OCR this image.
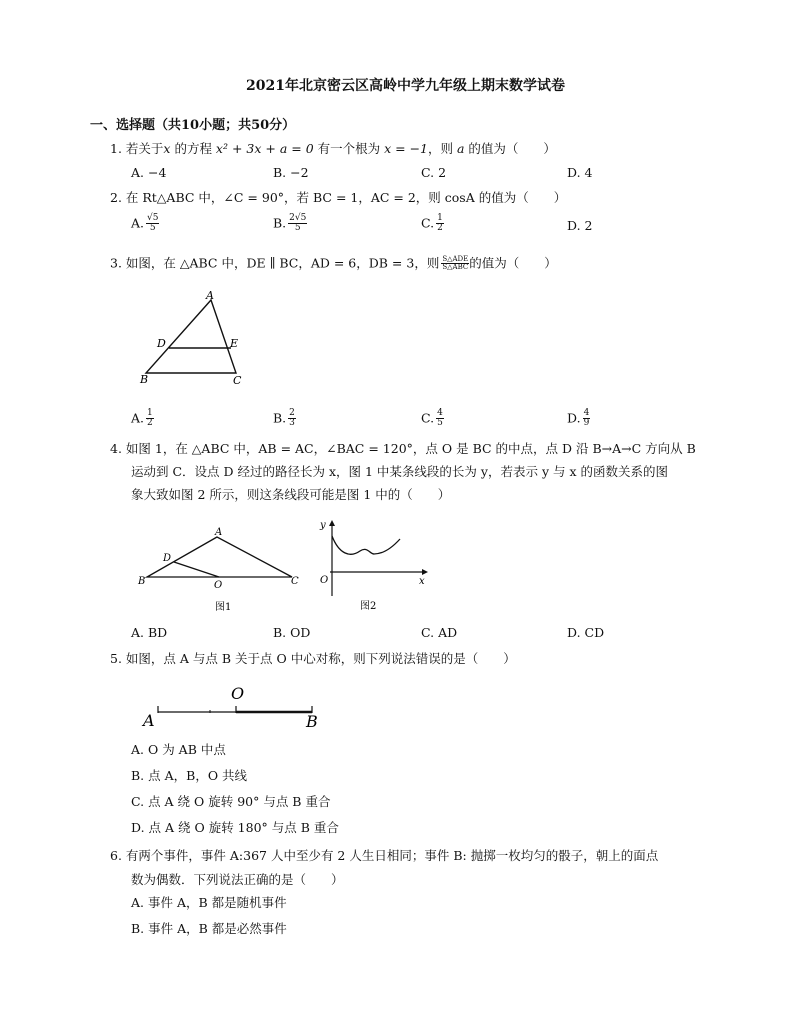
2021年北京密云区高岭中学九年级上期末数学试卷
一、选择题（共10小题；共50分）
1. 若关于x 的方程 x² + 3x + a = 0 有一个根为 x = −1，则 a 的值为（　　）
A. −4	B. −2	C. 2	D. 4
2. 在 Rt△ABC 中，∠C = 90°，若 BC = 1，AC = 2，则 cosA 的值为（　　）
A. $\frac{√5}{5}$	B. $\frac{2√5}{5}$	C. $\frac{1}{2}$	D. 2
3. 如图，在 △ABC 中，DE ∥ BC，AD = 6，DB = 3，则 $\frac{\text{S△ADE}}{\text{S△ABC}}$ 的值为（　　）
A
D	E
B	C
A. $\frac{1}{2}$	B. $\frac{2}{3}$	C. $\frac{4}{5}$	D. $\frac{4}{9}$
4. 如图 1，在 △ABC 中，AB = AC，∠BAC = 120°，点 O 是 BC 的中点，点 D 沿 B→A→C 方向从 B
运动到 C．设点 D 经过的路径长为 x，图 1 中某条线段的长为 y，若表示 y 与 x 的函数关系的图
象大致如图 2 所示，则这条线段可能是图 1 中的（　　）
A
D
B	O	C
图1
y
O	x
图2
A. BD	B. OD	C. AD	D. CD
5. 如图，点 A 与点 B 关于点 O 中心对称，则下列说法错误的是（　　）
A
O
B
A. O 为 AB 中点
B. 点 A，B，O 共线
C. 点 A 绕 O 旋转 90° 与点 B 重合
D. 点 A 绕 O 旋转 180° 与点 B 重合
6. 有两个事件，事件 A:367 人中至少有 2 人生日相同；事件 B: 抛掷一枚均匀的骰子，朝上的面点
数为偶数．下列说法正确的是（　　）
A. 事件 A，B 都是随机事件
B. 事件 A，B 都是必然事件
